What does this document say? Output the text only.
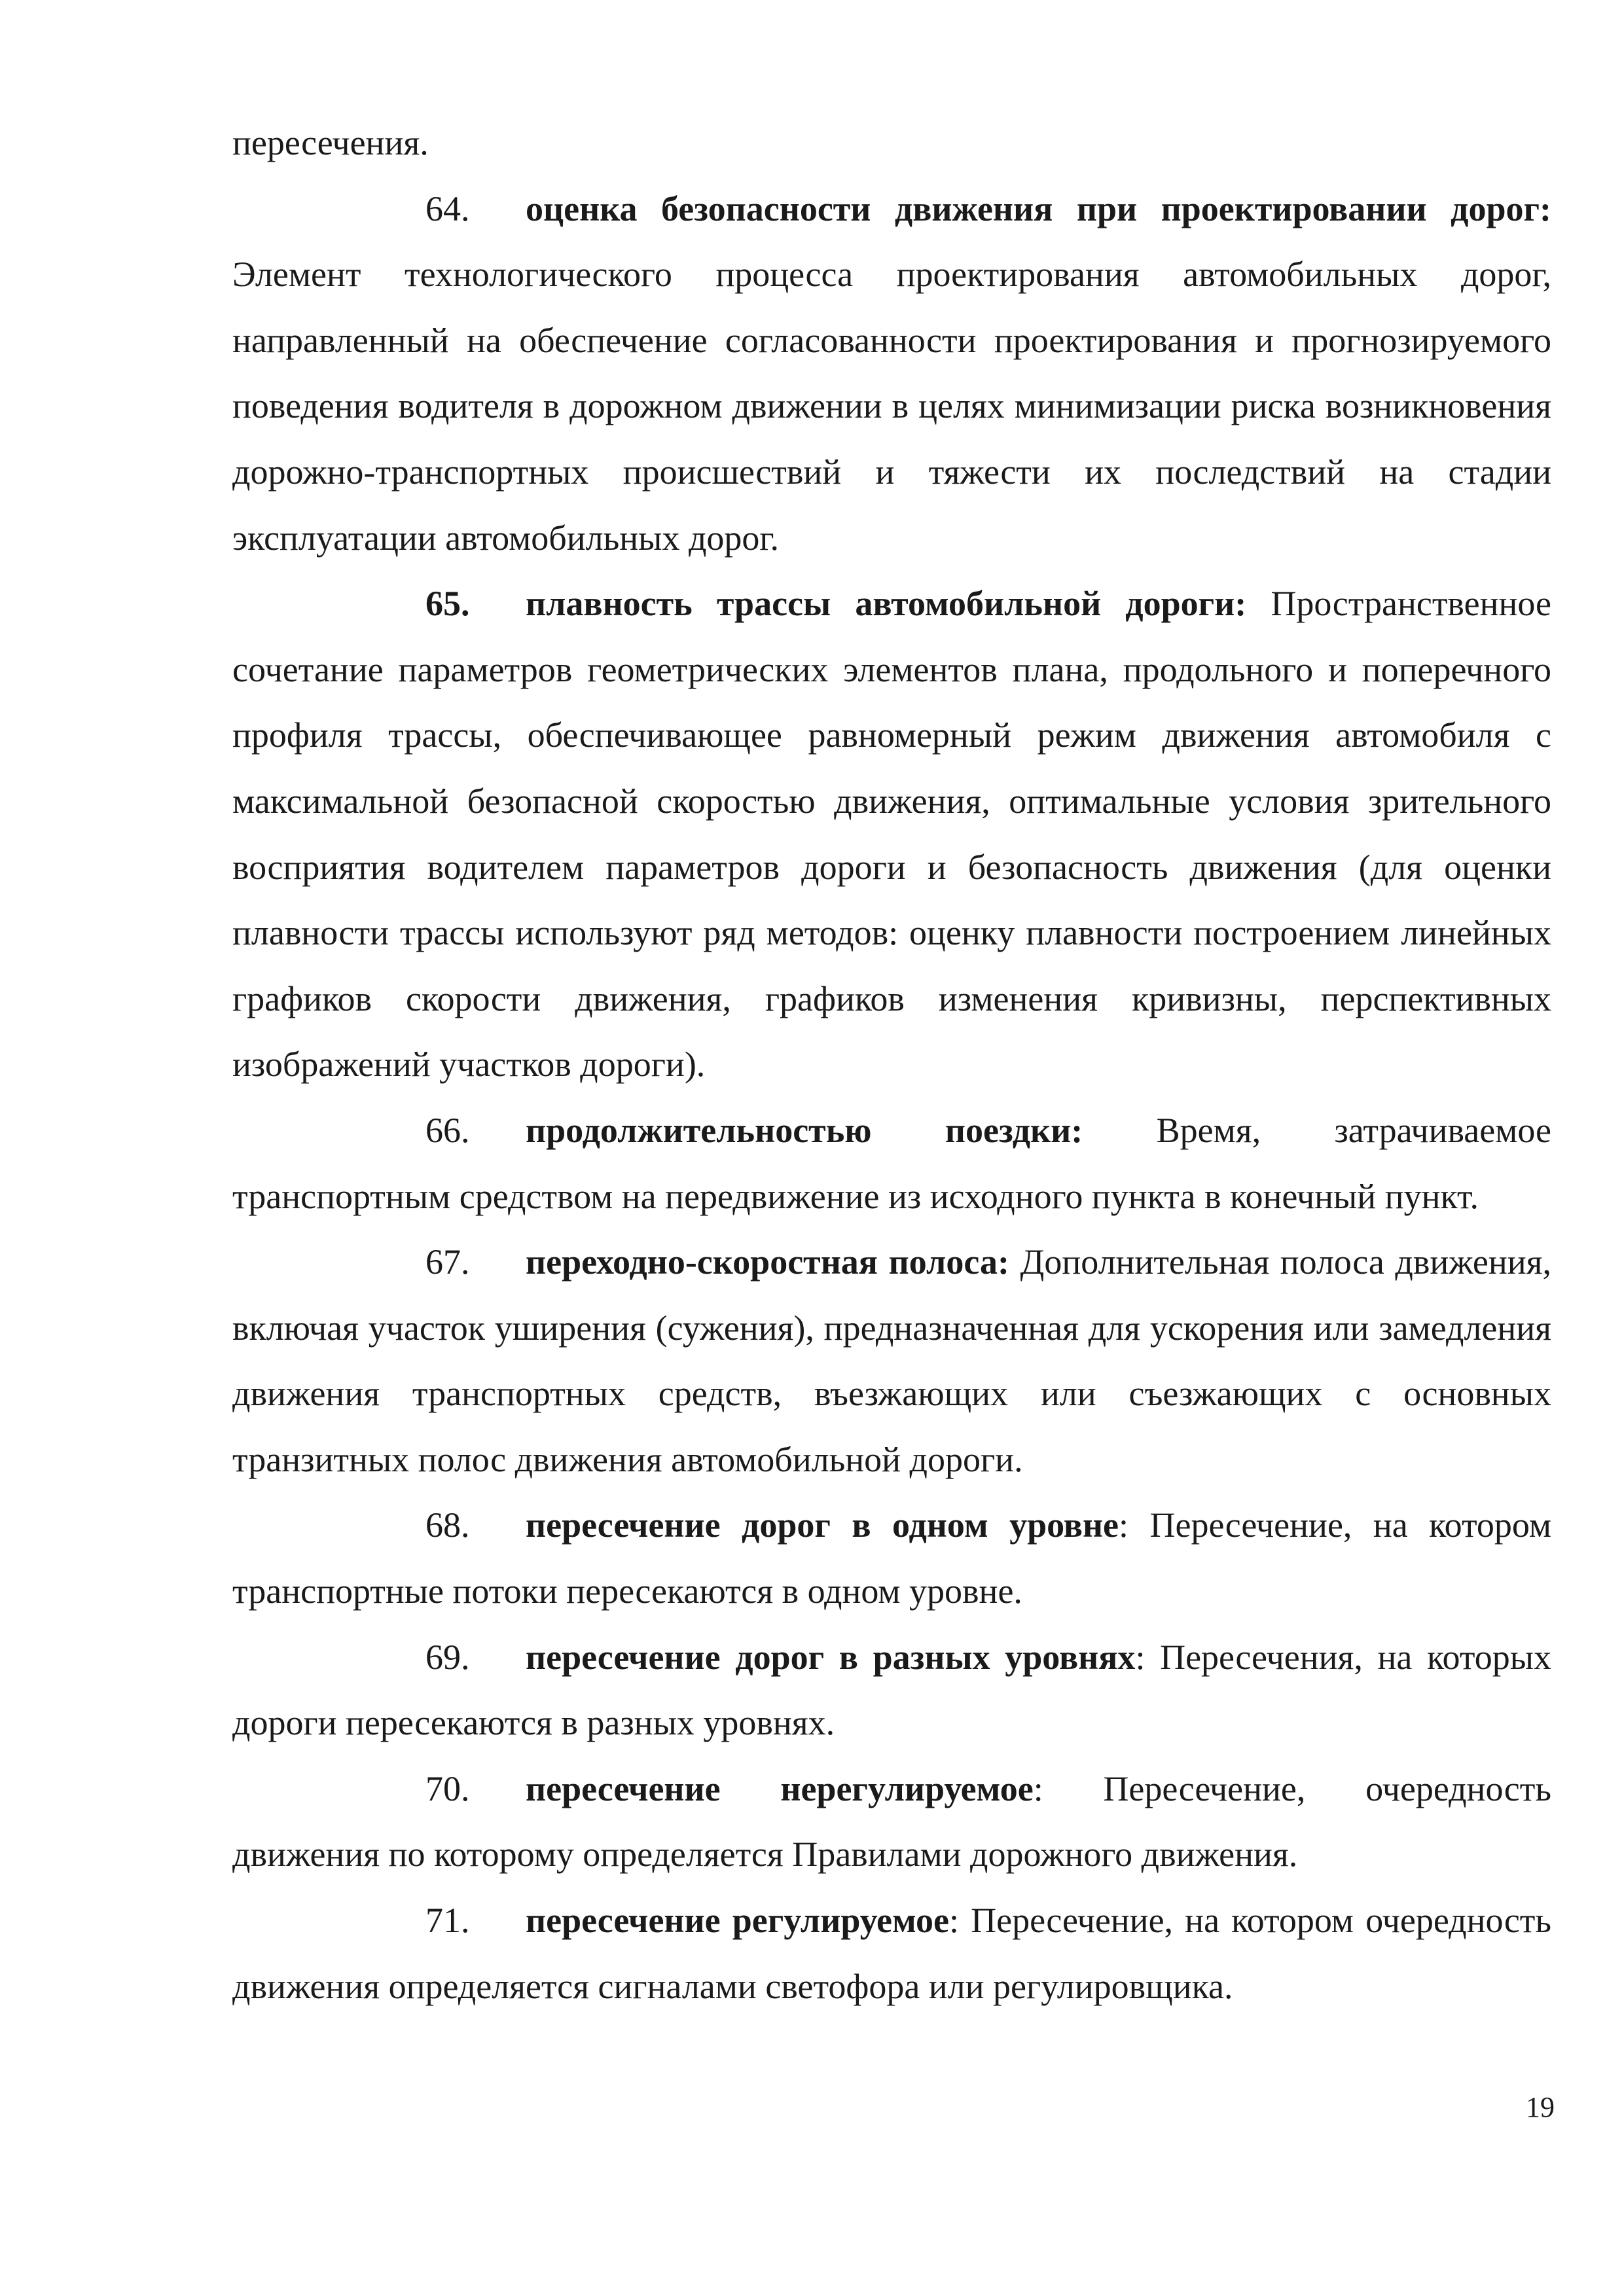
пересечения.

64. оценка безопасности движения при проектировании дорог: Элемент технологического процесса проектирования автомобильных дорог, направленный на обеспечение согласованности проектирования и прогнозируемого поведения водителя в дорожном движении в целях минимизации риска возникновения дорожно-транспортных происшествий и тяжести их последствий на стадии эксплуатации автомобильных дорог.

65. плавность трассы автомобильной дороги: Пространственное сочетание параметров геометрических элементов плана, продольного и поперечного профиля трассы, обеспечивающее равномерный режим движения автомобиля с максимальной безопасной скоростью движения, оптимальные условия зрительного восприятия водителем параметров дороги и безопасность движения (для оценки плавности трассы используют ряд методов: оценку плавности построением линейных графиков скорости движения, графиков изменения кривизны, перспективных изображений участков дороги).

66. продолжительностью поездки: Время, затрачиваемое транспортным средством на передвижение из исходного пункта в конечный пункт.

67. переходно-скоростная полоса: Дополнительная полоса движения, включая участок уширения (сужения), предназначенная для ускорения или замедления движения транспортных средств, въезжающих или съезжающих с основных транзитных полос движения автомобильной дороги.

68. пересечение дорог в одном уровне: Пересечение, на котором транспортные потоки пересекаются в одном уровне.

69. пересечение дорог в разных уровнях: Пересечения, на которых дороги пересекаются в разных уровнях.

70. пересечение нерегулируемое: Пересечение, очередность движения по которому определяется Правилами дорожного движения.

71. пересечение регулируемое: Пересечение, на котором очередность движения определяется сигналами светофора или регулировщика.

19
